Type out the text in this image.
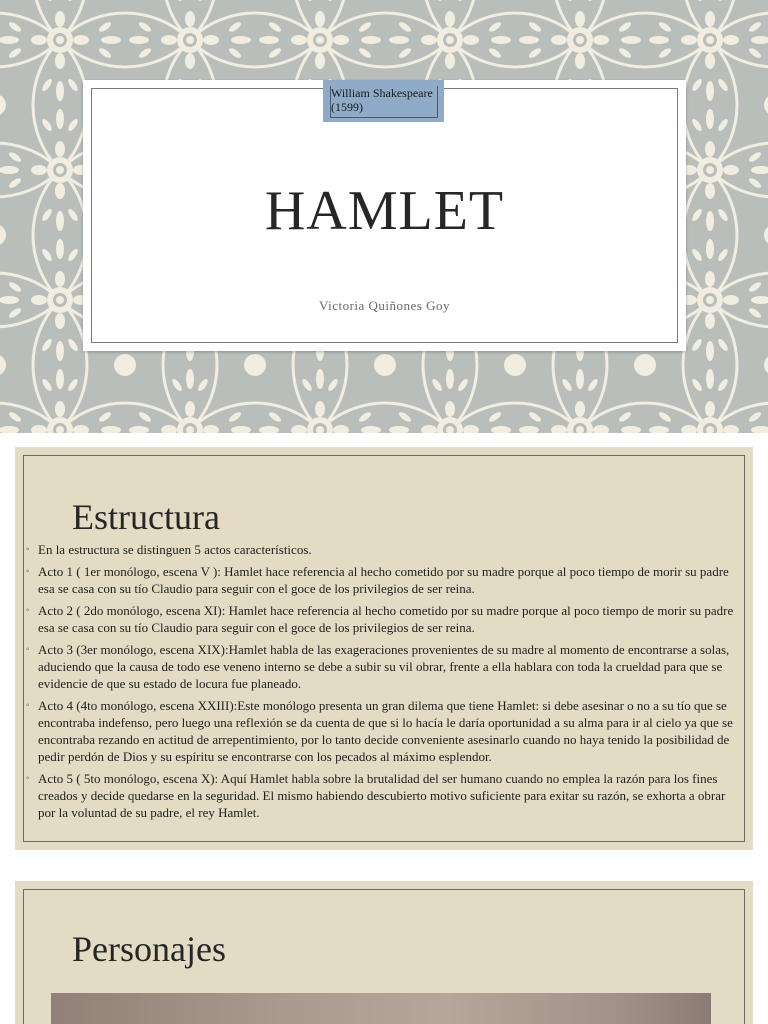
William Shakespeare
(1599)
HAMLET
Victoria Quiñones Goy
Estructura
◦ En la estructura se distinguen 5 actos característicos.
◦ Acto 1 ( 1er monólogo, escena V ): Hamlet hace referencia al hecho cometido por su madre porque al poco tiempo de morir su padre esa se casa con su tío Claudio para seguir con el goce de los privilegios de ser reina.
◦ Acto 2 ( 2do monólogo, escena XI): Hamlet hace referencia al hecho cometido por su madre porque al poco tiempo de morir su padre esa se casa con su tío Claudio para seguir con el goce de los privilegios de ser reina.
◦ Acto 3 (3er monólogo, escena XIX):Hamlet habla de las exageraciones provenientes de su madre al momento de encontrarse a solas, aduciendo que la causa de todo ese veneno interno se debe a subir su vil obrar, frente a ella hablara con toda la crueldad para que se evidencie de que su estado de locura fue planeado.
◦ Acto 4 (4to monólogo, escena XXIII):Este monólogo presenta un gran dilema que tiene Hamlet: si debe asesinar o no a su tío que se encontraba indefenso, pero luego una reflexión se da cuenta de que si lo hacía le daría oportunidad a su alma para ir al cielo ya que se encontraba rezando en actitud de arrepentimiento, por lo tanto decide conveniente asesinarlo cuando no haya tenido la posibilidad de pedir perdón de Dios y su espíritu se encontrarse con los pecados al máximo esplendor.
◦ Acto 5 ( 5to monólogo, escena X): Aquí Hamlet habla sobre la brutalidad del ser humano cuando no emplea la razón para los fines creados y decide quedarse en la seguridad. El mismo habiendo descubierto motivo suficiente para exitar su razón, se exhorta a obrar por la voluntad de su padre, el rey Hamlet.
Personajes
